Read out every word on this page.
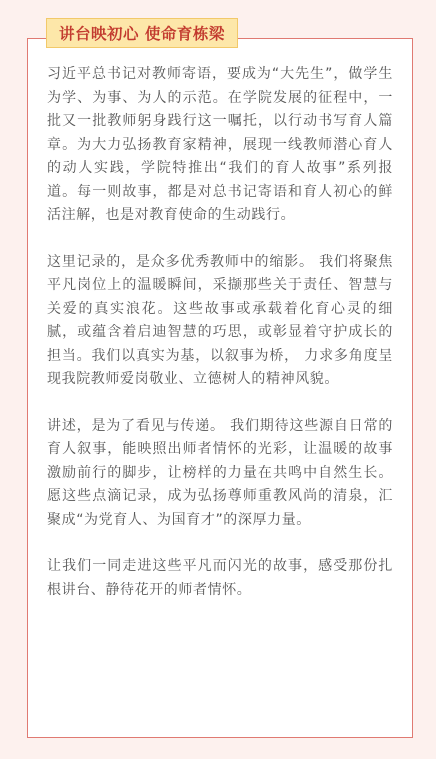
讲台映初心 使命育栋梁

习近平总书记对教师寄语，要成为“大先生”，做学生为学、为事、为人的示范。在学院发展的征程中，一批又一批教师躬身践行这一嘱托，以行动书写育人篇章。为大力弘扬教育家精神，展现一线教师潜心育人的动人实践，学院特推出“我们的育人故事”系列报道。每一则故事，都是对总书记寄语和育人初心的鲜活注解，也是对教育使命的生动践行。

这里记录的，是众多优秀教师中的缩影。 我们将聚焦平凡岗位上的温暖瞬间，采撷那些关于责任、智慧与关爱的真实浪花。这些故事或承载着化育心灵的细腻，或蕴含着启迪智慧的巧思，或彰显着守护成长的担当。我们以真实为基，以叙事为桥， 力求多角度呈现我院教师爱岗敬业、立德树人的精神风貌。

讲述，是为了看见与传递。 我们期待这些源自日常的育人叙事，能映照出师者情怀的光彩，让温暖的故事激励前行的脚步，让榜样的力量在共鸣中自然生长。 愿这些点滴记录，成为弘扬尊师重教风尚的清泉，汇聚成“为党育人、为国育才”的深厚力量。

让我们一同走进这些平凡而闪光的故事，感受那份扎根讲台、静待花开的师者情怀。
